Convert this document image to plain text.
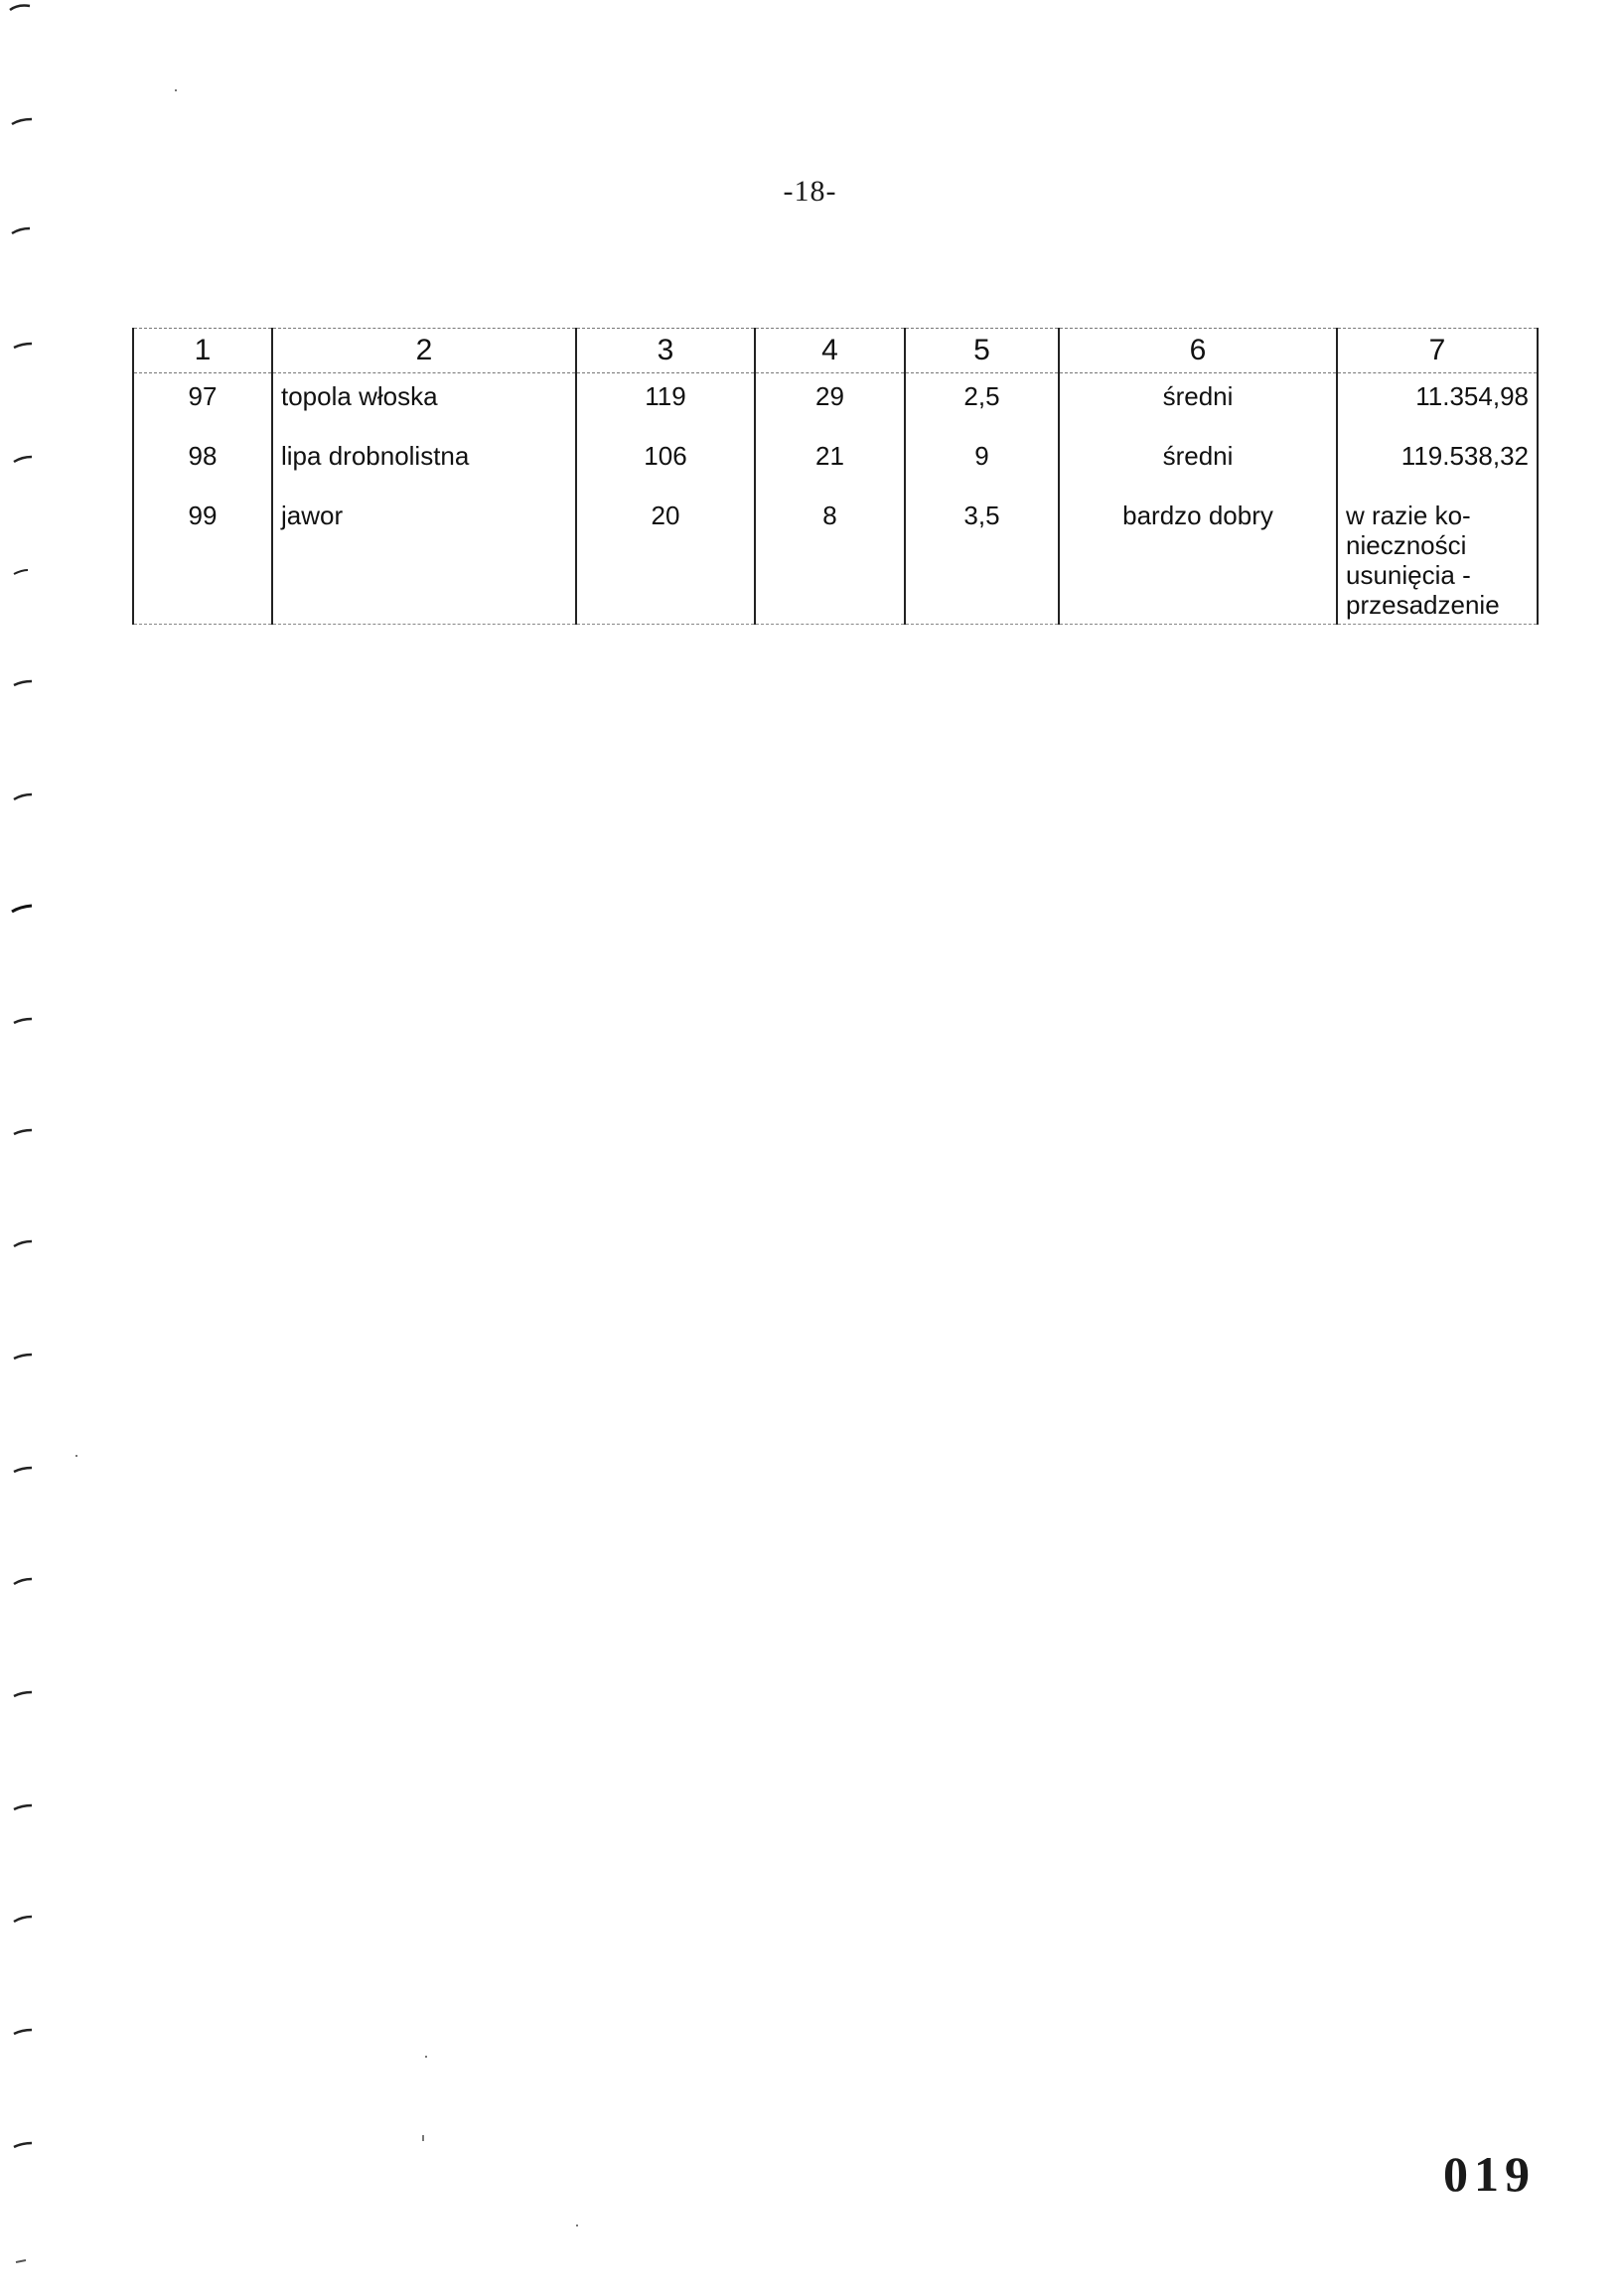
-18-
1	2	3	4	5	6	7
97	topola włoska	119	29	2,5	średni	11.354,98
98	lipa drobnolistna	106	21	9	średni	119.538,32
99	jawor	20	8	3,5	bardzo dobry	w razie ko-
nieczności
usunięcia -
przesadzenie
019
